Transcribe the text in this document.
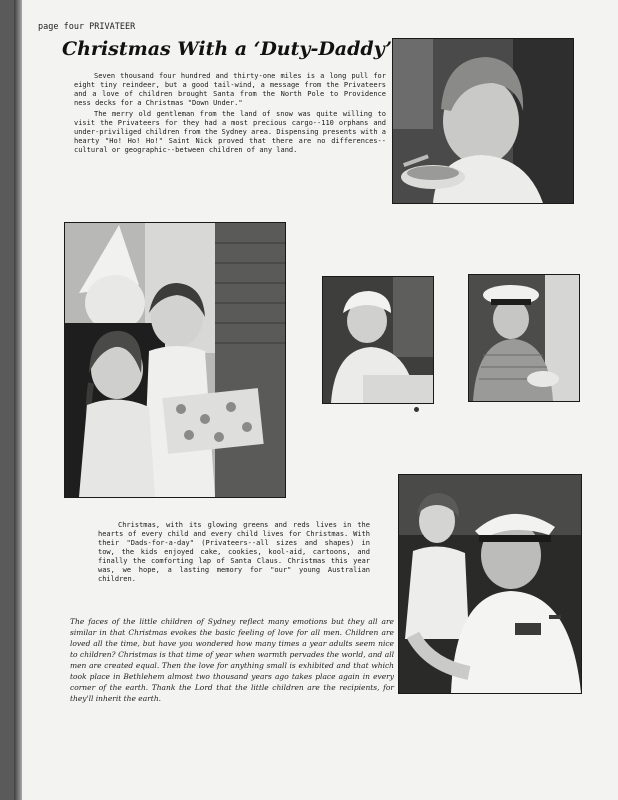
page four PRIVATEER
Christmas With a ‘Duty-Daddy’

Seven thousand four hundred and thirty-one miles is a long pull for eight tiny reindeer, but a good tail-wind, a message from the Privateers and a love of children brought Santa from the North Pole to Providence ness decks for a Christmas "Down Under."

The merry old gentleman from the land of snow was quite willing to visit the Privateers for they had a most precious cargo--110 orphans and under-priviliged children from the Sydney area. Dispensing presents with a hearty "Ho! Ho! Ho!" Saint Nick proved that there are no differences--cultural or geographic--between children of any land.

Christmas, with its glowing greens and reds lives in the hearts of every child and every child lives for Christmas. With their "Dads-for-a-day" (Privateers--all sizes and shapes) in tow, the kids enjoyed cake, cookies, kool-aid, cartoons, and finally the comforting lap of Santa Claus. Christmas this year was, we hope, a lasting memory for "our" young Australian children.

The faces of the little children of Sydney reflect many emotions but they all are similar in that Christmas evokes the basic feeling of love for all men. Children are loved all the time, but have you wondered how many times a year adults seem nice to children? Christmas is that time of year when warmth pervades the world, and all men are created equal. Then the love for anything small is exhibited and that which took place in Bethlehem almost two thousand years ago takes place again in every corner of the earth. Thank the Lord that the little children are the recipients, for they'll inherit the earth.
